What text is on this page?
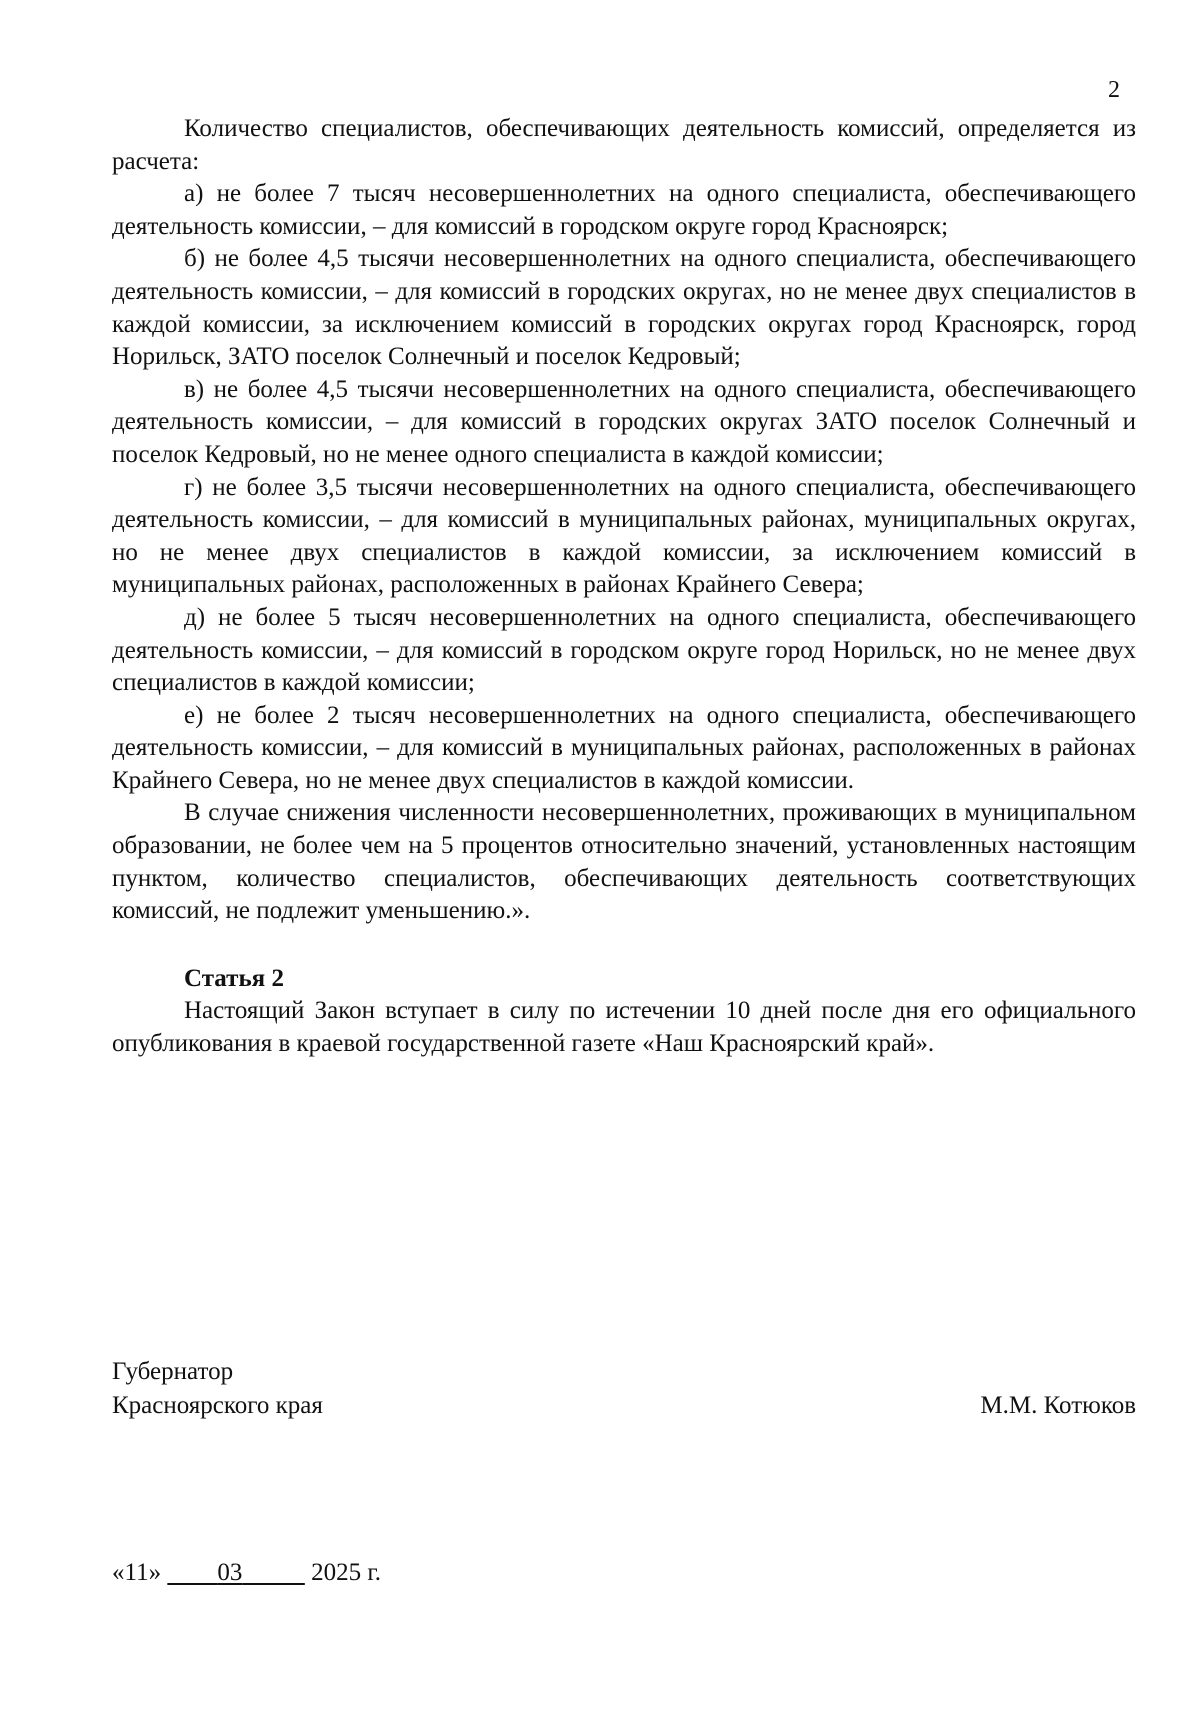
2

Количество специалистов, обеспечивающих деятельность комиссий, определяется из расчета:

а) не более 7 тысяч несовершеннолетних на одного специалиста, обеспечивающего деятельность комиссии, – для комиссий в городском округе город Красноярск;

б) не более 4,5 тысячи несовершеннолетних на одного специалиста, обеспечивающего деятельность комиссии, – для комиссий в городских округах, но не менее двух специалистов в каждой комиссии, за исключением комиссий в городских округах город Красноярск, город Норильск, ЗАТО поселок Солнечный и поселок Кедровый;

в) не более 4,5 тысячи несовершеннолетних на одного специалиста, обеспечивающего деятельность комиссии, – для комиссий в городских округах ЗАТО поселок Солнечный и поселок Кедровый, но не менее одного специалиста в каждой комиссии;

г) не более 3,5 тысячи несовершеннолетних на одного специалиста, обеспечивающего деятельность комиссии, – для комиссий в муниципальных районах, муниципальных округах, но не менее двух специалистов в каждой комиссии, за исключением комиссий в муниципальных районах, расположенных в районах Крайнего Севера;

д) не более 5 тысяч несовершеннолетних на одного специалиста, обеспечивающего деятельность комиссии, – для комиссий в городском округе город Норильск, но не менее двух специалистов в каждой комиссии;

е) не более 2 тысяч несовершеннолетних на одного специалиста, обеспечивающего деятельность комиссии, – для комиссий в муниципальных районах, расположенных в районах Крайнего Севера, но не менее двух специалистов в каждой комиссии.

В случае снижения численности несовершеннолетних, проживающих в муниципальном образовании, не более чем на 5 процентов относительно значений, установленных настоящим пунктом, количество специалистов, обеспечивающих деятельность соответствующих комиссий, не подлежит уменьшению.».

Статья 2

Настоящий Закон вступает в силу по истечении 10 дней после дня его официального опубликования в краевой государственной газете «Наш Красноярский край».

Губернатор
Красноярского края	М.М. Котюков
«11» 03	2025 г.
